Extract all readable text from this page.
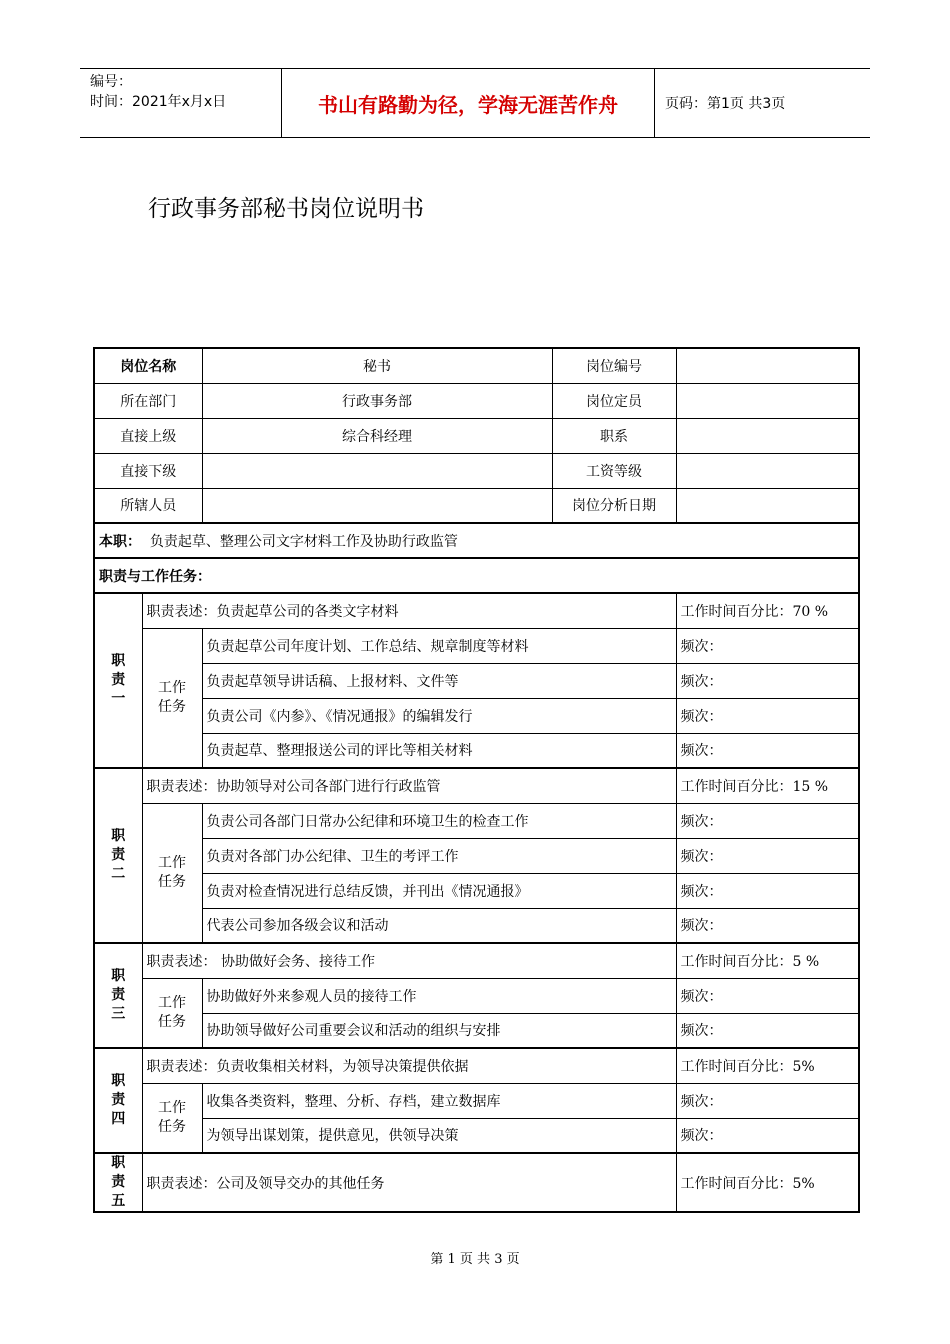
编号：
时间：2021年x月x日	书山有路勤为径，学海无涯苦作舟	页码：第1页 共3页
行政事务部秘书岗位说明书
岗位名称		秘书	岗位编号	
所在部门		行政事务部	岗位定员	
直接上级		综合科经理	职系	
直接下级			工资等级	
所辖人员			岗位分析日期	
本职： 负责起草、整理公司文字材料工作及协助行政监管				
职责与工作任务：				

职
责
一	职责表述：负责起草公司的各类文字材料			工作时间百分比：70 %

	工作
任务	负责起草公司年度计划、工作总结、规章制度等材料		频次：
		负责起草领导讲话稿、上报材料、文件等		频次：
		负责公司《内参》、《情况通报》的编辑发行		频次：
		负责起草、整理报送公司的评比等相关材料		频次：

职
责
二	职责表述：协助领导对公司各部门进行行政监管			工作时间百分比：15 %

	工作
任务	负责公司各部门日常办公纪律和环境卫生的检查工作		频次：
		负责对各部门办公纪律、卫生的考评工作		频次：
		负责对检查情况进行总结反馈，并刊出《情况通报》		频次：
		代表公司参加各级会议和活动		频次：

职
责
三	职责表述： 协助做好会务、接待工作			工作时间百分比：5 %

	工作
任务	协助做好外来参观人员的接待工作		频次：
		协助领导做好公司重要会议和活动的组织与安排		频次：

职
责
四	职责表述：负责收集相关材料，为领导决策提供依据			工作时间百分比：5%

	工作
任务	收集各类资料，整理、分析、存档，建立数据库		频次：
		为领导出谋划策，提供意见，供领导决策		频次：

职
责
五	职责表述：公司及领导交办的其他任务			工作时间百分比：5%
第 1 页 共 3 页
